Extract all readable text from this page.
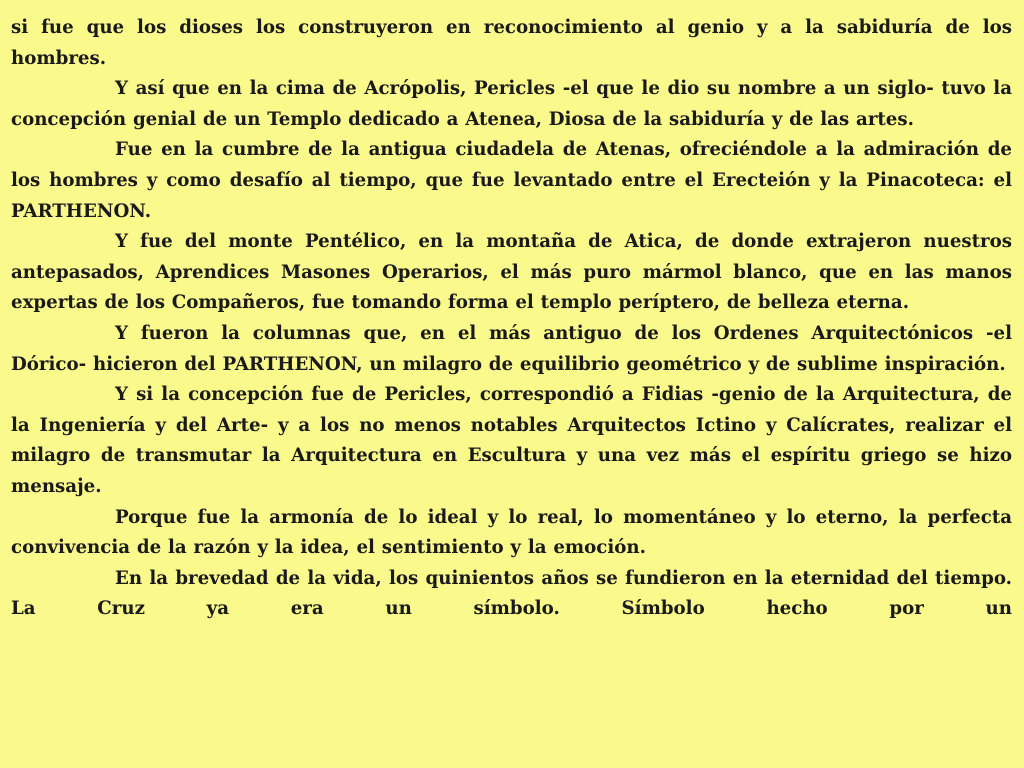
si fue que los dioses los construyeron en reconocimiento al genio y a la sabiduría de los hombres.

Y así que en la cima de Acrópolis, Pericles -el que le dio su nombre a un siglo- tuvo la concepción genial de un Templo dedicado a Atenea, Diosa de la sabiduría y de las artes.

Fue en la cumbre de la antigua ciudadela de Atenas, ofreciéndole a la admiración de los hombres y como desafío al tiempo, que fue levantado entre el Erecteión y la Pinacoteca: el PARTHENON.

Y fue del monte Pentélico, en la montaña de Atica, de donde extrajeron nuestros antepasados, Aprendices Masones Operarios, el más puro mármol blanco, que en las manos expertas de los Compañeros, fue tomando forma el templo períptero, de belleza eterna.

Y fueron la columnas que, en el más antiguo de los Ordenes Arquitectónicos -el Dórico- hicieron del PARTHENON, un milagro de equilibrio geométrico y de sublime inspiración.

Y si la concepción fue de Pericles, correspondió a Fidias -genio de la Arquitectura, de la Ingeniería y del Arte- y a los no menos notables Arquitectos Ictino y Calícrates, realizar el milagro de transmutar la Arquitectura en Escultura y una vez más el espíritu griego se hizo mensaje.

Porque fue la armonía de lo ideal y lo real, lo momentáneo y lo eterno, la perfecta convivencia de la razón y la idea, el sentimiento y la emoción.

En la brevedad de la vida, los quinientos años se fundieron en la eternidad del tiempo. La Cruz ya era un símbolo. Símbolo hecho por un
